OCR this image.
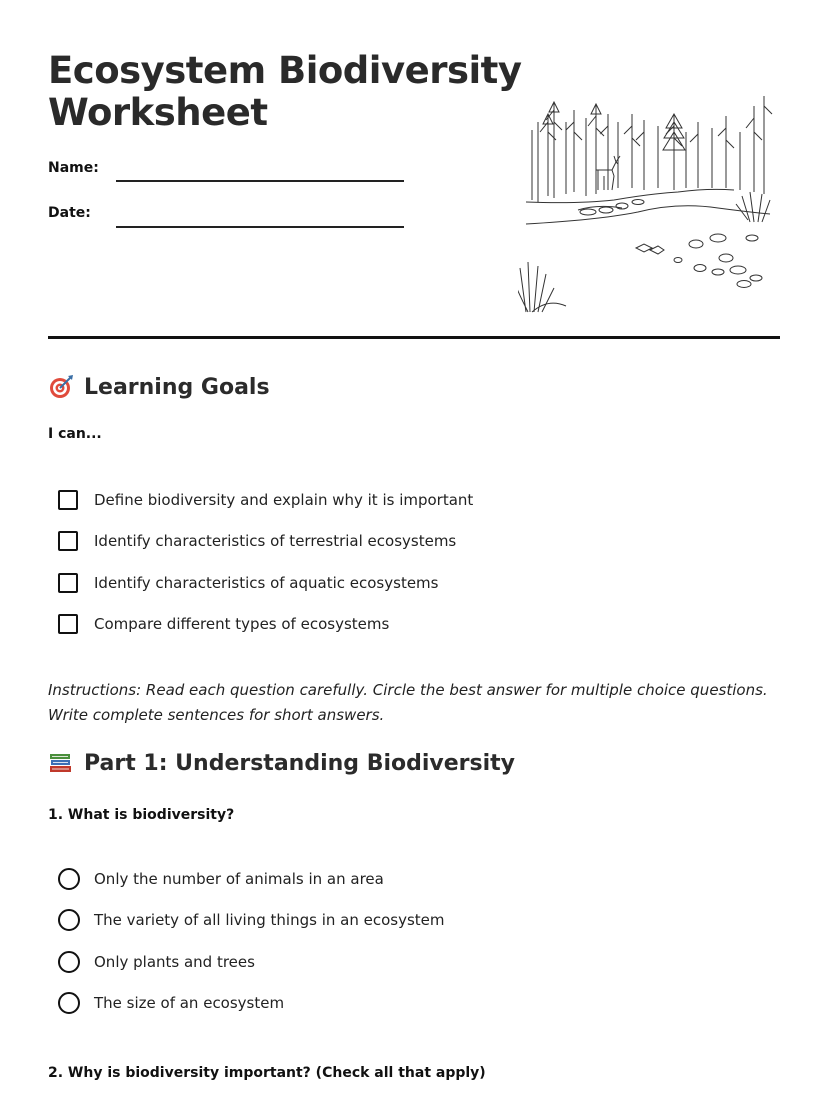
Ecosystem Biodiversity
Worksheet
Name:
Date:
Learning Goals
I can...
Define biodiversity and explain why it is important
Identify characteristics of terrestrial ecosystems
Identify characteristics of aquatic ecosystems
Compare different types of ecosystems

Instructions: Read each question carefully. Circle the best answer for multiple choice questions. Write complete sentences for short answers.

Part 1: Understanding Biodiversity
1. What is biodiversity?
Only the number of animals in an area
The variety of all living things in an ecosystem
Only plants and trees
The size of an ecosystem
2. Why is biodiversity important? (Check all that apply)
